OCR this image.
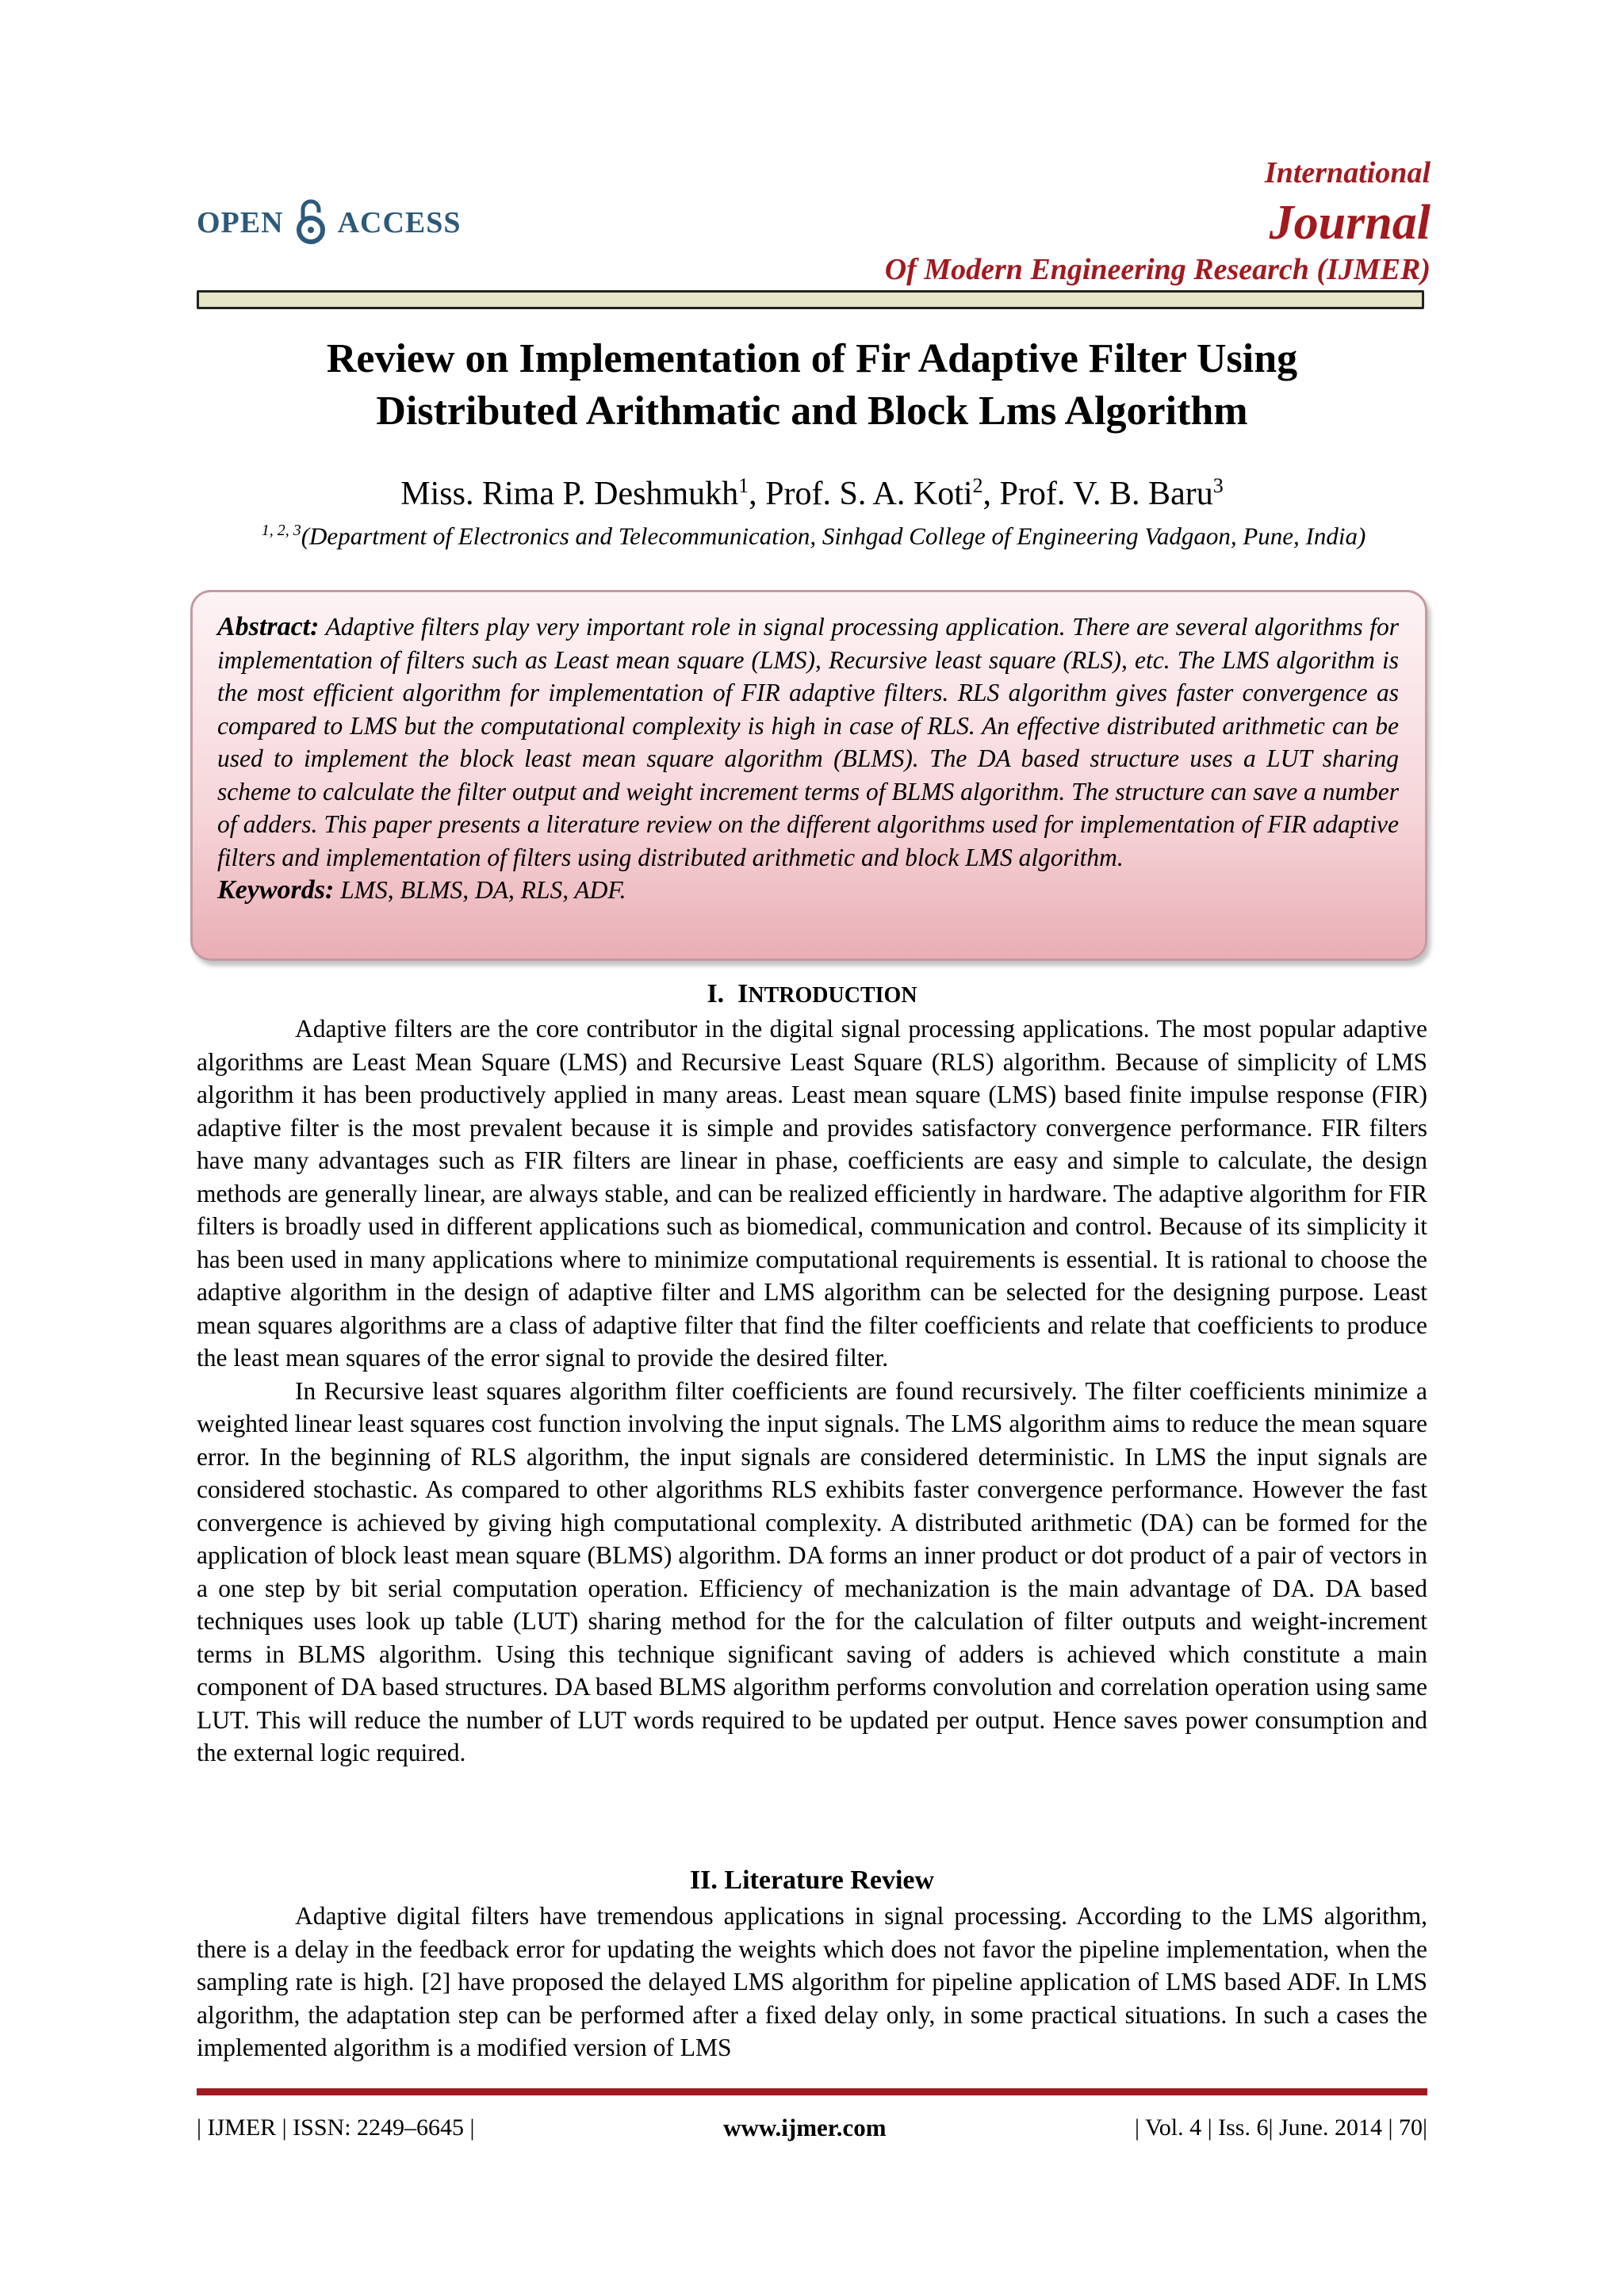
OPEN ACCESS
International
Journal
Of Modern Engineering Research (IJMER)
Review on Implementation of Fir Adaptive Filter Using
Distributed Arithmatic and Block Lms Algorithm
Miss. Rima P. Deshmukh$^1$, Prof. S. A. Koti$^2$, Prof. V. B. Baru$^3$
$^{1, 2, 3}$(Department of Electronics and Telecommunication, Sinhgad College of Engineering Vadgaon, Pune, India)
Abstract: Adaptive filters play very important role in signal processing application. There are several algorithms for implementation of filters such as Least mean square (LMS), Recursive least square (RLS), etc. The LMS algorithm is the most efficient algorithm for implementation of FIR adaptive filters. RLS algorithm gives faster convergence as compared to LMS but the computational complexity is high in case of RLS. An effective distributed arithmetic can be used to implement the block least mean square algorithm (BLMS). The DA based structure uses a LUT sharing scheme to calculate the filter output and weight increment terms of BLMS algorithm. The structure can save a number of adders. This paper presents a literature review on the different algorithms used for implementation of FIR adaptive filters and implementation of filters using distributed arithmetic and block LMS algorithm.
Keywords: LMS, BLMS, DA, RLS, ADF.
I. INTRODUCTION

Adaptive filters are the core contributor in the digital signal processing applications. The most popular adaptive algorithms are Least Mean Square (LMS) and Recursive Least Square (RLS) algorithm. Because of simplicity of LMS algorithm it has been productively applied in many areas. Least mean square (LMS) based finite impulse response (FIR) adaptive filter is the most prevalent because it is simple and provides satisfactory convergence performance. FIR filters have many advantages such as FIR filters are linear in phase, coefficients are easy and simple to calculate, the design methods are generally linear, are always stable, and can be realized efficiently in hardware. The adaptive algorithm for FIR filters is broadly used in different applications such as biomedical, communication and control. Because of its simplicity it has been used in many applications where to minimize computational requirements is essential. It is rational to choose the adaptive algorithm in the design of adaptive filter and LMS algorithm can be selected for the designing purpose. Least mean squares algorithms are a class of adaptive filter that find the filter coefficients and relate that coefficients to produce the least mean squares of the error signal to provide the desired filter.

In Recursive least squares algorithm filter coefficients are found recursively. The filter coefficients minimize a weighted linear least squares cost function involving the input signals. The LMS algorithm aims to reduce the mean square error. In the beginning of RLS algorithm, the input signals are considered deterministic. In LMS the input signals are considered stochastic. As compared to other algorithms RLS exhibits faster convergence performance. However the fast convergence is achieved by giving high computational complexity. A distributed arithmetic (DA) can be formed for the application of block least mean square (BLMS) algorithm. DA forms an inner product or dot product of a pair of vectors in a one step by bit serial computation operation. Efficiency of mechanization is the main advantage of DA. DA based techniques uses look up table (LUT) sharing method for the for the calculation of filter outputs and weight-increment terms in BLMS algorithm. Using this technique significant saving of adders is achieved which constitute a main component of DA based structures. DA based BLMS algorithm performs convolution and correlation operation using same LUT. This will reduce the number of LUT words required to be updated per output. Hence saves power consumption and the external logic required.

II. Literature Review

Adaptive digital filters have tremendous applications in signal processing. According to the LMS algorithm, there is a delay in the feedback error for updating the weights which does not favor the pipeline implementation, when the sampling rate is high. [2] have proposed the delayed LMS algorithm for pipeline application of LMS based ADF. In LMS algorithm, the adaptation step can be performed after a fixed delay only, in some practical situations. In such a cases the implemented algorithm is a modified version of LMS

| IJMER | ISSN: 2249–6645 |	www.ijmer.com	| Vol. 4 | Iss. 6| June. 2014 | 70|
